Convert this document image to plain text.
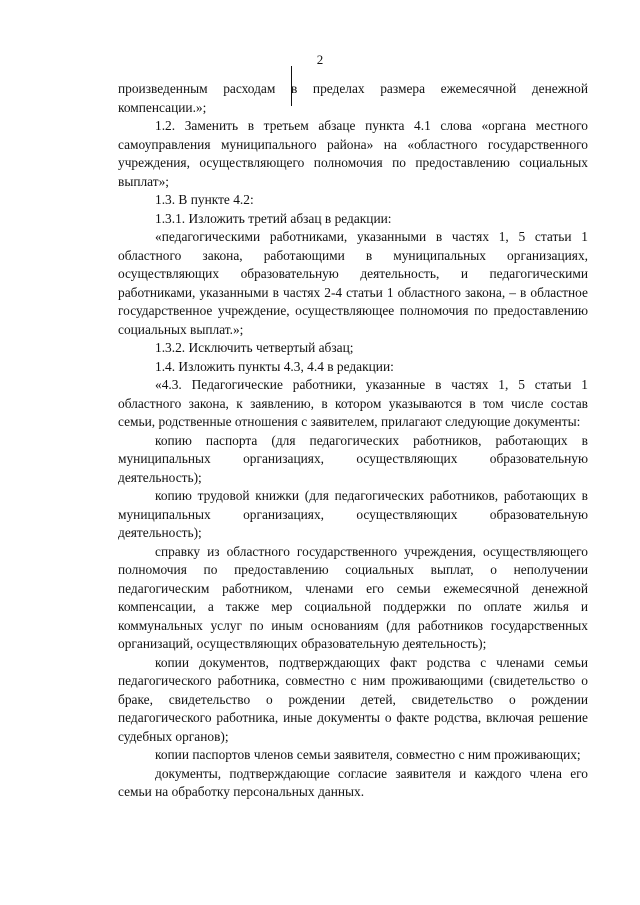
2

произведенным расходам в пределах размера ежемесячной денежной компенсации.»;

1.2. Заменить в третьем абзаце пункта 4.1 слова «органа местного самоуправления муниципального района» на «областного государственного учреждения, осуществляющего полномочия по предоставлению социальных выплат»;

1.3. В пункте 4.2:

1.3.1. Изложить третий абзац в редакции:

«педагогическими работниками, указанными в частях 1, 5 статьи 1 областного закона, работающими в муниципальных организациях, осуществляющих образовательную деятельность, и педагогическими работниками, указанными в частях 2-4 статьи 1 областного закона, – в областное государственное учреждение, осуществляющее полномочия по предоставлению социальных выплат.»;

1.3.2. Исключить четвертый абзац;

1.4. Изложить пункты 4.3, 4.4 в редакции:

«4.3. Педагогические работники, указанные в частях 1, 5 статьи 1 областного закона, к заявлению, в котором указываются в том числе состав семьи, родственные отношения с заявителем, прилагают следующие документы:

копию паспорта (для педагогических работников, работающих в муниципальных организациях, осуществляющих образовательную деятельность);

копию трудовой книжки (для педагогических работников, работающих в муниципальных организациях, осуществляющих образовательную деятельность);

справку из областного государственного учреждения, осуществляющего полномочия по предоставлению социальных выплат, о неполучении педагогическим работником, членами его семьи ежемесячной денежной компенсации, а также мер социальной поддержки по оплате жилья и коммунальных услуг по иным основаниям (для работников государственных организаций, осуществляющих образовательную деятельность);

копии документов, подтверждающих факт родства с членами семьи педагогического работника, совместно с ним проживающими (свидетельство о браке, свидетельство о рождении детей, свидетельство о рождении педагогического работника, иные документы о факте родства, включая решение судебных органов);

копии паспортов членов семьи заявителя, совместно с ним проживающих;

документы, подтверждающие согласие заявителя и каждого члена его семьи на обработку персональных данных.
